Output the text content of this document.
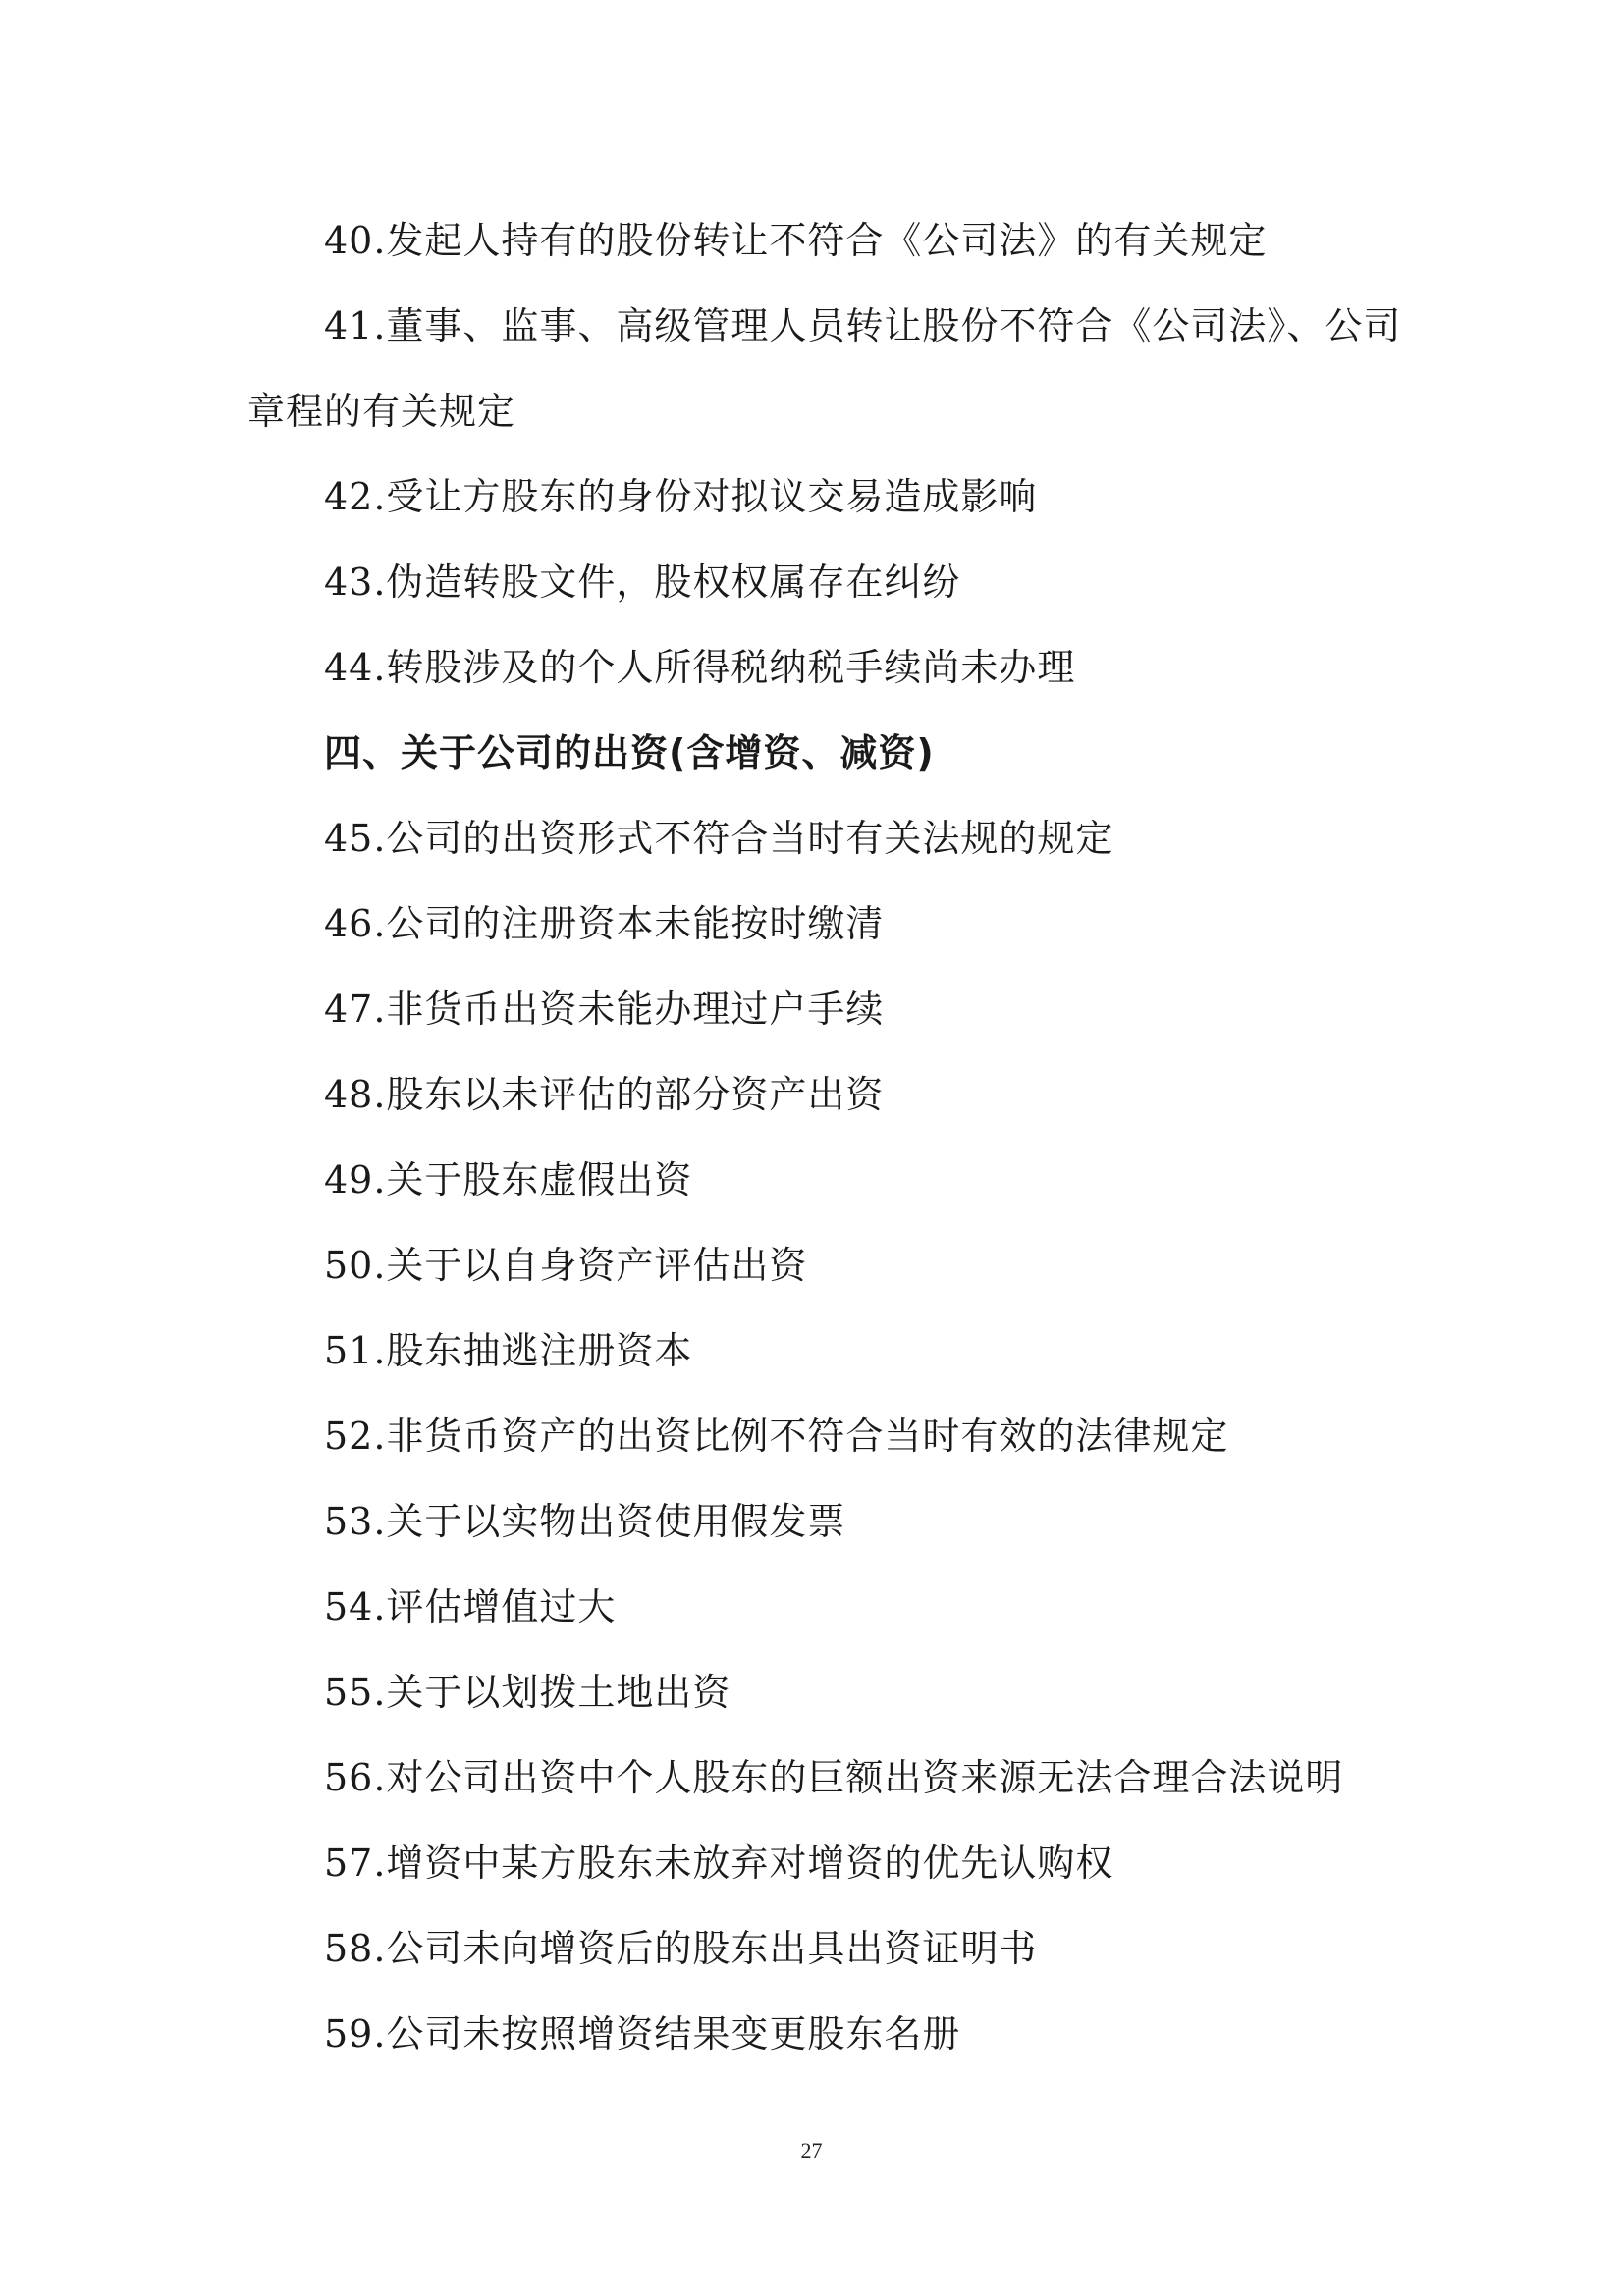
40.发起人持有的股份转让不符合《公司法》的有关规定
41.董事、监事、高级管理人员转让股份不符合《公司法》、公司
章程的有关规定
42.受让方股东的身份对拟议交易造成影响
43.伪造转股文件，股权权属存在纠纷
44.转股涉及的个人所得税纳税手续尚未办理
四、关于公司的出资(含增资、减资)
45.公司的出资形式不符合当时有关法规的规定
46.公司的注册资本未能按时缴清
47.非货币出资未能办理过户手续
48.股东以未评估的部分资产出资
49.关于股东虚假出资
50.关于以自身资产评估出资
51.股东抽逃注册资本
52.非货币资产的出资比例不符合当时有效的法律规定
53.关于以实物出资使用假发票
54.评估增值过大
55.关于以划拨土地出资
56.对公司出资中个人股东的巨额出资来源无法合理合法说明
57.增资中某方股东未放弃对增资的优先认购权
58.公司未向增资后的股东出具出资证明书
59.公司未按照增资结果变更股东名册
27
